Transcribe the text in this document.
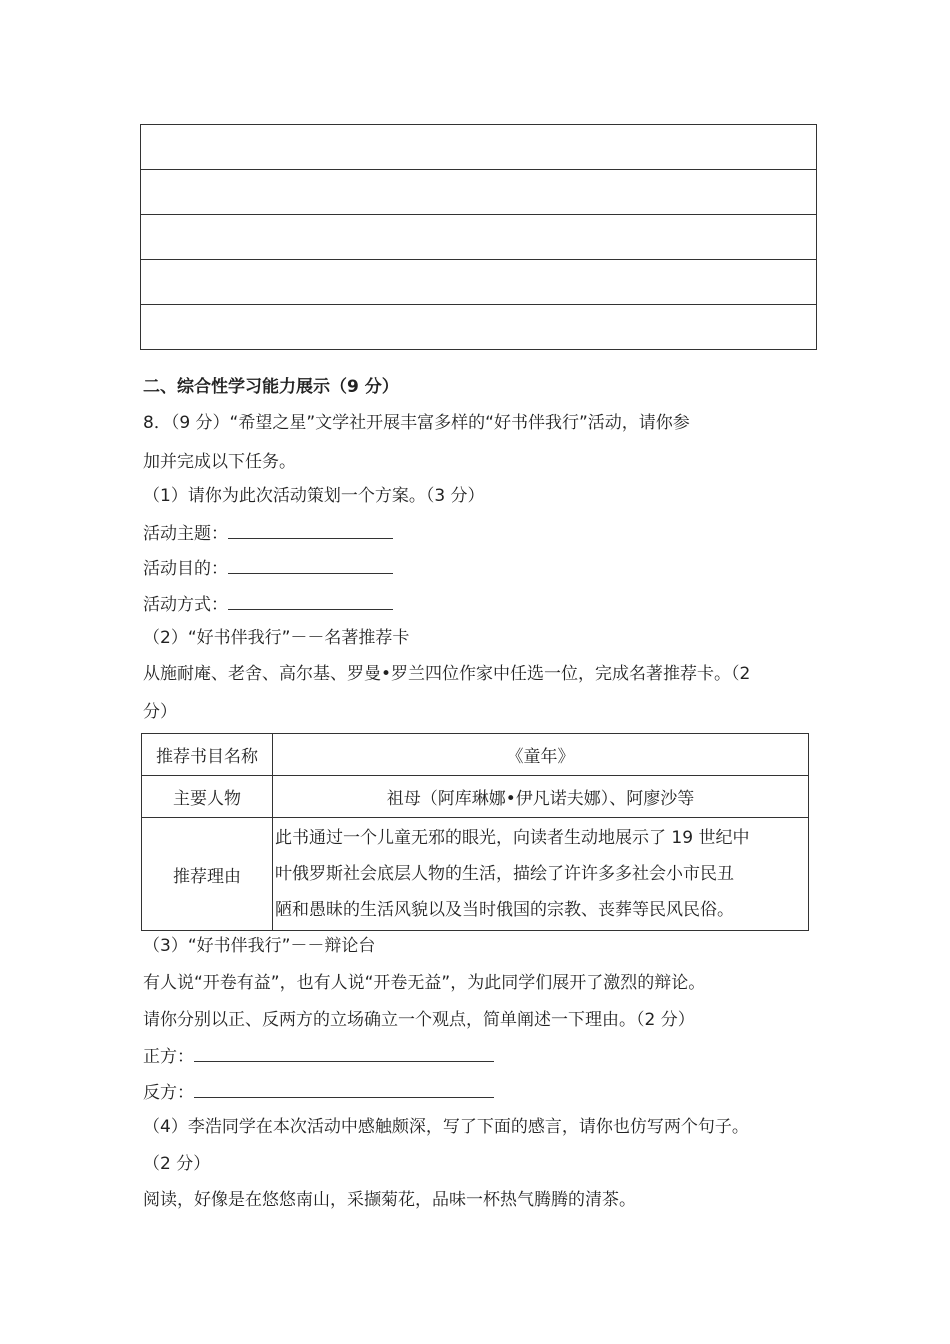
二、综合性学习能力展示（9 分）
8．（9 分）“希望之星”文学社开展丰富多样的“好书伴我行”活动，请你参
加并完成以下任务。
（1）请你为此次活动策划一个方案。（3 分）
活动主题：
活动目的：
活动方式：
（2）“好书伴我行”－－名著推荐卡
从施耐庵、老舍、高尔基、罗曼•罗兰四位作家中任选一位，完成名著推荐卡。（2
分）
推荐书目名称	《童年》
主要人物	祖母（阿库琳娜•伊凡诺夫娜）、阿廖沙等
推荐理由	此书通过一个儿童无邪的眼光，向读者生动地展示了 19 世纪中
叶俄罗斯社会底层人物的生活，描绘了许许多多社会小市民丑
陋和愚昧的生活风貌以及当时俄国的宗教、丧葬等民风民俗。
（3）“好书伴我行”－－辩论台
有人说“开卷有益”，也有人说“开卷无益”，为此同学们展开了激烈的辩论。
请你分别以正、反两方的立场确立一个观点，简单阐述一下理由。（2 分）
正方：
反方：
（4）李浩同学在本次活动中感触颇深，写了下面的感言，请你也仿写两个句子。
（2 分）
阅读，好像是在悠悠南山，采撷菊花，品味一杯热气腾腾的清茶。
